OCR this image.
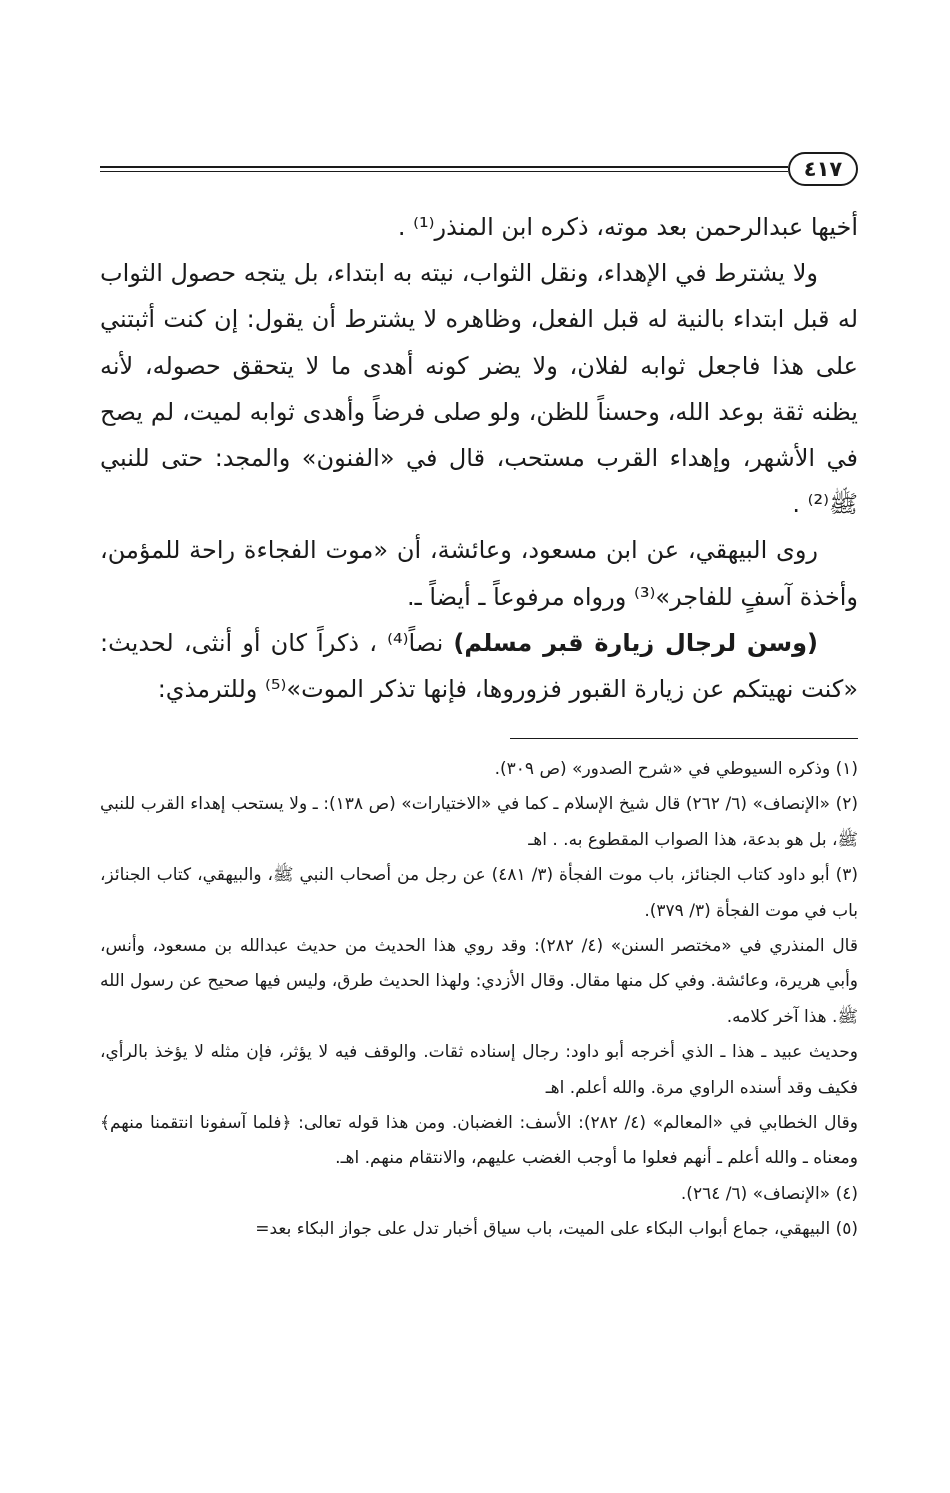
٤١٧

أخيها عبدالرحمن بعد موته، ذكره ابن المنذر⁽¹⁾ .

ولا يشترط في الإهداء، ونقل الثواب، نيته به ابتداء، بل يتجه حصول الثواب له قبل ابتداء بالنية له قبل الفعل، وظاهره لا يشترط أن يقول: إن كنت أثبتني على هذا فاجعل ثوابه لفلان، ولا يضر كونه أهدى ما لا يتحقق حصوله، لأنه يظنه ثقة بوعد الله، وحسناً للظن، ولو صلى فرضاً وأهدى ثوابه لميت، لم يصح في الأشهر، وإهداء القرب مستحب، قال في «الفنون» والمجد: حتى للنبي ﷺ⁽²⁾ .

روى البيهقي، عن ابن مسعود، وعائشة، أن «موت الفجاءة راحة للمؤمن، وأخذة آسفٍ للفاجر»⁽³⁾ ورواه مرفوعاً ـ أيضاً ـ.

(وسن لرجال زيارة قبر مسلم) نصاً⁽⁴⁾ ، ذكراً كان أو أنثى، لحديث: «كنت نهيتكم عن زيارة القبور فزوروها، فإنها تذكر الموت»⁽⁵⁾ وللترمذي:

(١) وذكره السيوطي في «شرح الصدور» (ص ٣٠٩).

(٢) «الإنصاف» (٦/ ٢٦٢) قال شيخ الإسلام ـ كما في «الاختيارات» (ص ١٣٨): ـ ولا يستحب إهداء القرب للنبي ﷺ، بل هو بدعة، هذا الصواب المقطوع به. . اهـ

(٣) أبو داود كتاب الجنائز، باب موت الفجأة (٣/ ٤٨١) عن رجل من أصحاب النبي ﷺ، والبيهقي، كتاب الجنائز، باب في موت الفجأة (٣/ ٣٧٩).

قال المنذري في «مختصر السنن» (٤/ ٢٨٢): وقد روي هذا الحديث من حديث عبدالله بن مسعود، وأنس، وأبي هريرة، وعائشة. وفي كل منها مقال. وقال الأزدي: ولهذا الحديث طرق، وليس فيها صحيح عن رسول الله ﷺ. هذا آخر كلامه.

وحديث عبيد ـ هذا ـ الذي أخرجه أبو داود: رجال إسناده ثقات. والوقف فيه لا يؤثر، فإن مثله لا يؤخذ بالرأي، فكيف وقد أسنده الراوي مرة. والله أعلم. اهـ

وقال الخطابي في «المعالم» (٤/ ٢٨٢): الأسف: الغضبان. ومن هذا قوله تعالى: ﴿فلما آسفونا انتقمنا منهم﴾ ومعناه ـ والله أعلم ـ أنهم فعلوا ما أوجب الغضب عليهم، والانتقام منهم. اهـ.

(٤) «الإنصاف» (٦/ ٢٦٤).

(٥) البيهقي، جماع أبواب البكاء على الميت، باب سياق أخبار تدل على جواز البكاء بعد=
